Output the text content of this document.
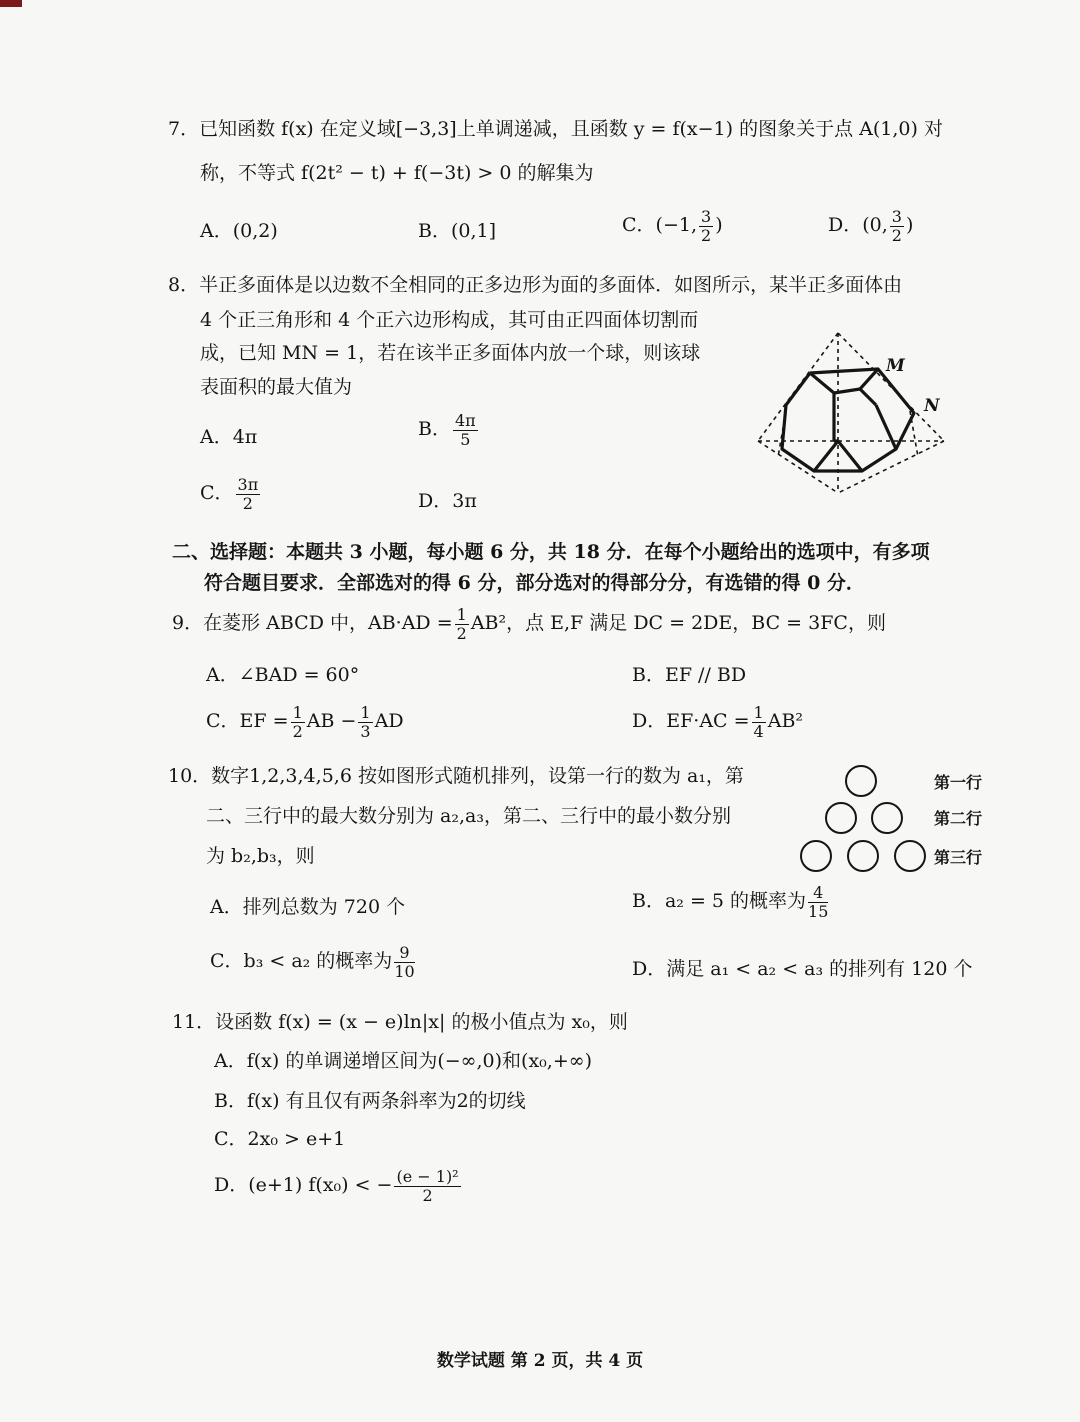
7．已知函数 f(x) 在定义域[−3,3]上单调递减，且函数 y = f(x−1) 的图象关于点 A(1,0) 对
称，不等式 f(2t² − t) + f(−3t) > 0 的解集为
A．(0,2)	B．(0,1]	C．(−1, $\frac{3}{2}$ )	D．(0, $\frac{3}{2}$ )
8．半正多面体是以边数不全相同的正多边形为面的多面体．如图所示，某半正多面体由
4 个正三角形和 4 个正六边形构成，其可由正四面体切割而
成，已知 MN = 1，若在该半正多面体内放一个球，则该球
表面积的最大值为
A．4π	B． $\frac{4\pi}{5}$
C． $\frac{3\pi}{2}$	D．3π
M
N
二、选择题：本题共 3 小题，每小题 6 分，共 18 分．在每个小题给出的选项中，有多项
符合题目要求．全部选对的得 6 分，部分选对的得部分分，有选错的得 0 分．
9．在菱形 ABCD 中，$AB\cdot AD = \frac{1}{2} AB^2$，点 E,F 满足 DC = 2DE，BC = 3FC，则
A．∠BAD = 60°	B．EF // BD
C．EF = $\frac{1}{2}$ AB − $\frac{1}{3}$ AD	D．$EF\cdot AC = \frac{1}{4} AB^2$
10．数字1,2,3,4,5,6 按如图形式随机排列，设第一行的数为 a₁，第
二、三行中的最大数分别为 a₂,a₃，第二、三行中的最小数分别
为 b₂,b₃，则
第一行
第二行
第三行
A．排列总数为 720 个	B．a₂ = 5 的概率为 $\frac{4}{15}$
C．b₃ < a₂ 的概率为 $\frac{9}{10}$	D．满足 a₁ < a₂ < a₃ 的排列有 120 个
11．设函数 f(x) = (x − e)ln|x| 的极小值点为 x₀，则
A．f(x) 的单调递增区间为(−∞,0)和(x₀,+∞)
B．f(x) 有且仅有两条斜率为2的切线
C．2x₀ > e+1
D．(e+1) f(x₀) < − $\frac{\text{(e − 1)²}}{2}$
数学试题 第 2 页，共 4 页
